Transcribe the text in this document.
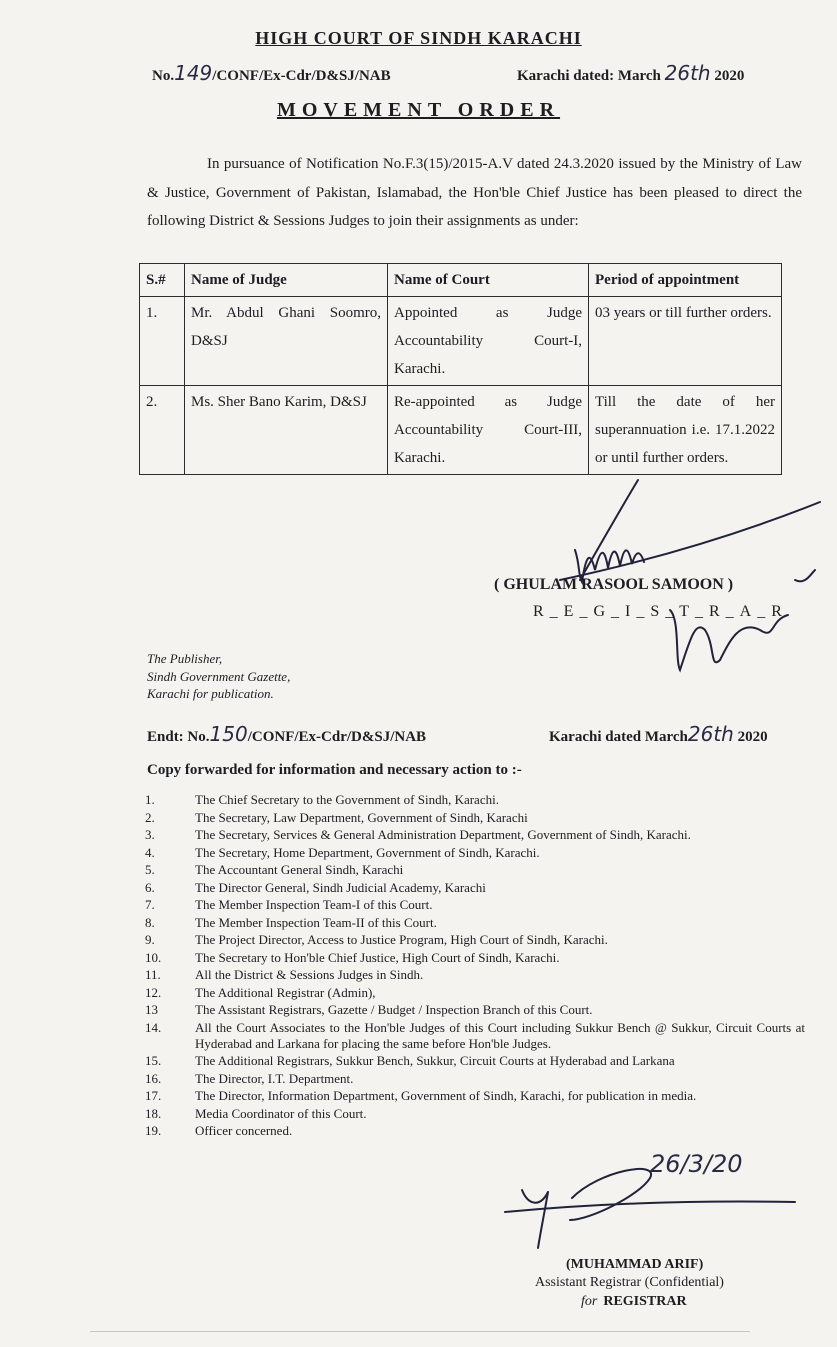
HIGH COURT OF SINDH KARACHI
No.149/CONF/Ex-Cdr/D&SJ/NAB	Karachi dated: March 26th 2020
MOVEMENT ORDER
In pursuance of Notification No.F.3(15)/2015-A.V dated 24.3.2020 issued by the Ministry of Law & Justice, Government of Pakistan, Islamabad, the Hon'ble Chief Justice has been pleased to direct the following District & Sessions Judges to join their assignments as under:
S.#	Name of Judge	Name of Court	Period of appointment
1.	Mr. Abdul Ghani Soomro, D&SJ	Appointed as Judge Accountability Court-I, Karachi.	03 years or till further orders.
2.	Ms. Sher Bano Karim, D&SJ	Re-appointed as Judge Accountability Court-III, Karachi.	Till the date of her superannuation i.e. 17.1.2022 or until further orders.
( GHULAM RASOOL SAMOON )
R_E_G_I_S_T_R_A_R
The Publisher,
Sindh Government Gazette,
Karachi for publication.
Endt: No.150/CONF/Ex-Cdr/D&SJ/NAB	Karachi dated March26th 2020
Copy forwarded for information and necessary action to :-
1.	The Chief Secretary to the Government of Sindh, Karachi.
2.	The Secretary, Law Department, Government of Sindh, Karachi
3.	The Secretary, Services & General Administration Department, Government of Sindh, Karachi.
4.	The Secretary, Home Department, Government of Sindh, Karachi.
5.	The Accountant General Sindh, Karachi
6.	The Director General, Sindh Judicial Academy, Karachi
7.	The Member Inspection Team-I of this Court.
8.	The Member Inspection Team-II of this Court.
9.	The Project Director, Access to Justice Program, High Court of Sindh, Karachi.
10.	The Secretary to Hon'ble Chief Justice, High Court of Sindh, Karachi.
11.	All the District & Sessions Judges in Sindh.
12.	The Additional Registrar (Admin),
13	The Assistant Registrars, Gazette / Budget / Inspection Branch of this Court.
14.	All the Court Associates to the Hon'ble Judges of this Court including Sukkur Bench @ Sukkur, Circuit Courts at Hyderabad and Larkana for placing the same before Hon'ble Judges.
15.	The Additional Registrars, Sukkur Bench, Sukkur, Circuit Courts at Hyderabad and Larkana
16.	The Director, I.T. Department.
17.	The Director, Information Department, Government of Sindh, Karachi, for publication in media.
18.	Media Coordinator of this Court.
19.	Officer concerned.
26/3/20
(MUHAMMAD ARIF)
Assistant Registrar (Confidential)
for REGISTRAR
